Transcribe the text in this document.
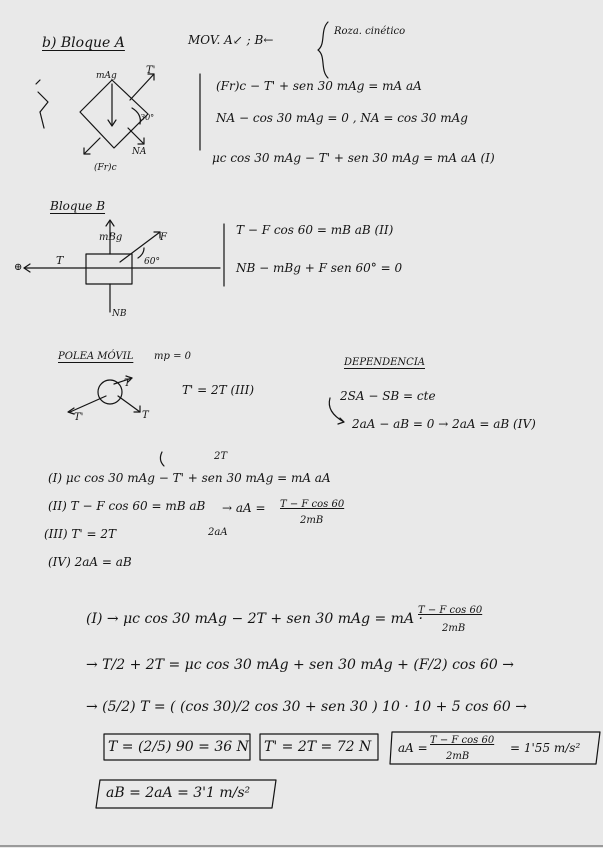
b) Bloque A	MOV. A↙ ; B←
Roza. cinético
mAg	T'
NA
(Fr)c
30°
mBg	F
60°
T
NB
⊕
T
T
T'
(Fr)c − T' + sen 30 mAg = mA aA
NA − cos 30 mAg = 0 , NA = cos 30 mAg
μc cos 30 mAg − T' + sen 30 mAg = mA aA (I)
Bloque B
T − F cos 60 = mB aB (II)
NB − mBg + F sen 60° = 0
POLEA MÓVIL mp = 0
T' = 2T (III)
DEPENDENCIA
2SA − SB = cte
2aA − aB = 0 → 2aA = aB (IV)
2T
(I) μc cos 30 mAg − T' + sen 30 mAg = mA aA
(II) T − F cos 60 = mB aB → aA = T − F cos 60
2mB
2aA
(III) T' = 2T
(IV) 2aA = aB
(I) → μc cos 30 mAg − 2T + sen 30 mAg = mA ·
T − F cos 60
2mB
→ T/2 + 2T = μc cos 30 mAg + sen 30 mAg + (F/2) cos 60 →
→ (5/2) T = ( (cos 30)/2 cos 30 + sen 30 ) 10 · 10 + 5 cos 60 →
T = (2/5) 90 = 36 N T' = 2T = 72 N aA =
T − F cos 60
2mB
= 1'55 m/s²
aB = 2aA = 3'1 m/s²
